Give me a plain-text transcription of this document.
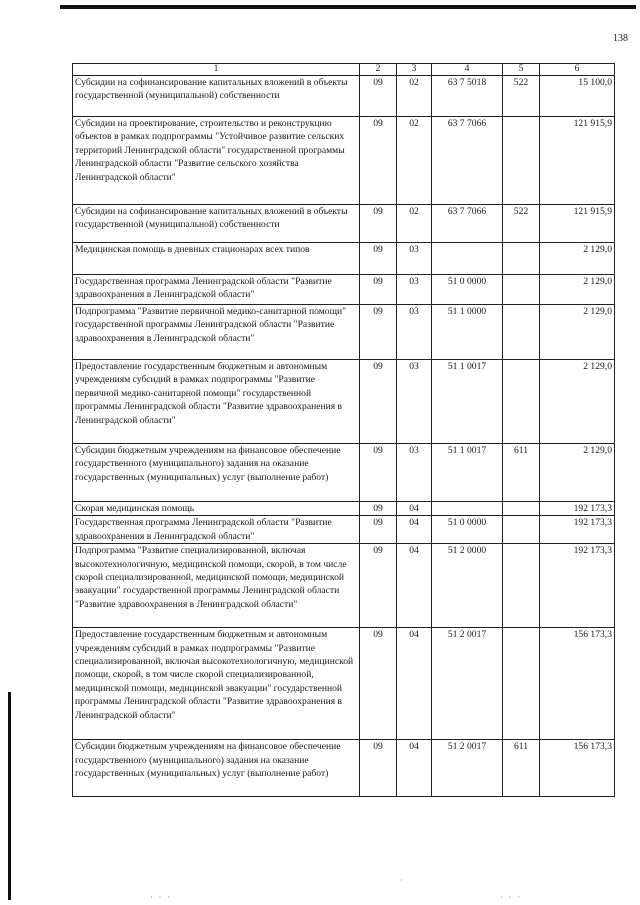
138
1	2	3	4	5	6
Субсидии на софинансирование капитальных вложений в объекты государственной (муниципальной) собственности	09	02	63 7 5018	522	15 100,0
Субсидии на проектирование, строительство и реконструкцию объектов в рамках подпрограммы "Устойчивое развитие сельских территорий Ленинградской области" государственной программы Ленинградской области "Развитие сельского хозяйства Ленинградской области"	09	02	63 7 7066		121 915,9
Субсидии на софинансирование капитальных вложений в объекты государственной (муниципальной) собственности	09	02	63 7 7066	522	121 915,9
Медицинская помощь в дневных стационарах всех типов	09	03			2 129,0
Государственная программа Ленинградской области "Развитие здравоохранения в Ленинградской области"	09	03	51 0 0000		2 129,0
Подпрограмма "Развитие первичной медико-санитарной помощи" государственной программы Ленинградской области "Развитие здравоохранения в Ленинградской области"	09	03	51 1 0000		2 129,0
Предоставление государственным бюджетным и автономным учреждениям субсидий в рамках подпрограммы "Развитие первичной медико-санитарной помощи" государственной программы Ленинградской области "Развитие здравоохранения в Ленинградской области"	09	03	51 1 0017		2 129,0
Субсидии бюджетным учреждениям на финансовое обеспечение государственного (муниципального) задания на оказание государственных (муниципальных) услуг (выполнение работ)	09	03	51 1 0017	611	2 129,0
Скорая медицинская помощь	09	04			192 173,3
Государственная программа Ленинградской области "Развитие здравоохранения в Ленинградской области"	09	04	51 0 0000		192 173,3
Подпрограмма "Развитие специализированной, включая высокотехнологичную, медицинской помощи, скорой, в том числе скорой специализированной, медицинской помощи, медицинской эвакуации" государственной программы Ленинградской области "Развитие здравоохранения в Ленинградской области"	09	04	51 2 0000		192 173,3
Предоставление государственным бюджетным и автономным учреждениям субсидий в рамках подпрограммы "Развитие специализированной, включая высокотехнологичную, медицинской помощи, скорой, в том числе скорой специализированной, медицинской помощи, медицинской эвакуации" государственной программы Ленинградской области "Развитие здравоохранения в Ленинградской области"	09	04	51 2 0017		156 173,3
Субсидии бюджетным учреждениям на финансовое обеспечение государственного (муниципального) задания на оказание государственных (муниципальных) услуг (выполнение работ)	09	04	51 2 0017	611	156 173,3
·
· · ·	· · ·
